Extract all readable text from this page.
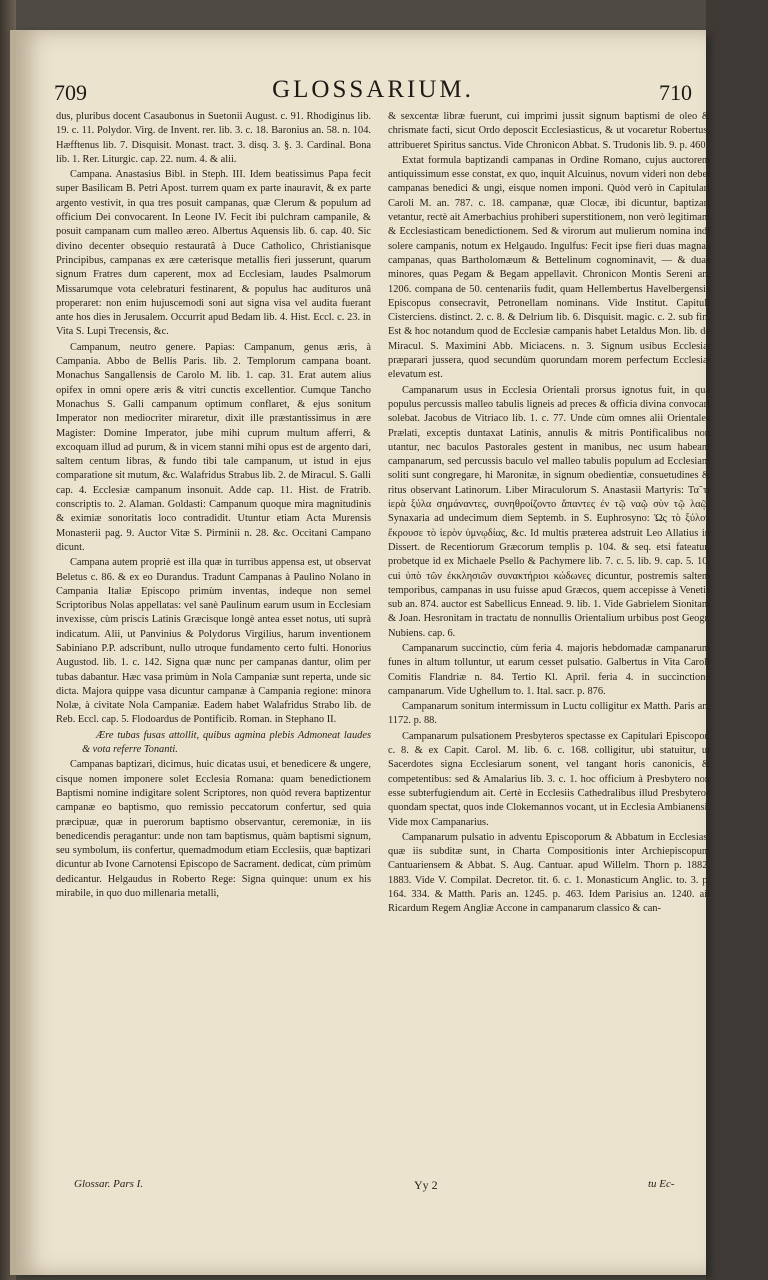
709	GLOSSARIUM.	710

dus, pluribus docent Casaubonus in Suetonii August. c. 91. Rhodiginus lib. 19. c. 11. Polydor. Virg. de Invent. rer. lib. 3. c. 18. Baronius an. 58. n. 104. Hæfftenus lib. 7. Disquisit. Monast. tract. 3. disq. 3. §. 3. Cardinal. Bona lib. 1. Rer. Liturgic. cap. 22. num. 4. & alii.

Campana. Anastasius Bibl. in Steph. III. Idem beatissimus Papa fecit super Basilicam B. Petri Apost. turrem quam ex parte inauravit, & ex parte argento vestivit, in qua tres posuit campanas, quæ Clerum & populum ad officium Dei convocarent. In Leone IV. Fecit ibi pulchram campanile, & posuit campanam cum malleo æreo. Albertus Aquensis lib. 6. cap. 40. Sic divino decenter obsequio restauratâ à Duce Catholico, Christianisque Principibus, campanas ex ære cæterisque metallis fieri jusserunt, quarum signum Fratres dum caperent, mox ad Ecclesiam, laudes Psalmorum Missarumque vota celebraturi festinarent, & populus hac audituros unâ properaret: non enim hujuscemodi soni aut signa visa vel audita fuerant ante hos dies in Jerusalem. Occurrit apud Bedam lib. 4. Hist. Eccl. c. 23. in Vita S. Lupi Trecensis, &c.

Campanum, neutro genere. Papias: Campanum, genus æris, à Campania. Abbo de Bellis Paris. lib. 2. Templorum campana boant. Monachus Sangallensis de Carolo M. lib. 1. cap. 31. Erat autem alius opifex in omni opere æris & vitri cunctis excellentior. Cumque Tancho Monachus S. Galli campanum optimum conflaret, & ejus sonitum Imperator non mediocriter miraretur, dixit ille præstantissimus in ære Magister: Domine Imperator, jube mihi cuprum multum afferri, & excoquam illud ad purum, & in vicem stanni mihi opus est de argento dari, saltem centum libras, & fundo tibi tale campanum, ut istud in ejus comparatione sit mutum, &c. Walafridus Strabus lib. 2. de Miracul. S. Galli cap. 4. Ecclesiæ campanum insonuit. Adde cap. 11. Hist. de Fratrib. conscriptis to. 2. Alaman. Goldasti: Campanum quoque mira magnitudinis & eximiæ sonoritatis loco contradidit. Utuntur etiam Acta Murensis Monasterii pag. 9. Auctor Vitæ S. Pirminii n. 28. &c. Occitani Campano dicunt.

Campana autem propriè est illa quæ in turribus appensa est, ut observat Beletus c. 86. & ex eo Durandus. Tradunt Campanas à Paulino Nolano in Campania Italiæ Episcopo primùm inventas, indeque non semel Scriptoribus Nolas appellatas: vel sanè Paulinum earum usum in Ecclesiam invexisse, cùm priscis Latinis Græcisque longè antea esset notus, uti suprà indicatum. Alii, ut Panvinius & Polydorus Virgilius, harum inventionem Sabiniano P.P. adscribunt, nullo utroque fundamento certo fulti. Honorius Augustod. lib. 1. c. 142. Signa quæ nunc per campanas dantur, olim per tubas dabantur. Hæc vasa primùm in Nola Campaniæ sunt reperta, unde sic dicta. Majora quippe vasa dicuntur campanæ à Campania regione: minora Nolæ, à civitate Nola Campaniæ. Eadem habet Walafridus Strabo lib. de Reb. Eccl. cap. 5. Flodoardus de Pontificib. Roman. in Stephano II.

Ære tubas fusas attollit, quibus agmina plebis Admoneat laudes & vota referre Tonanti.

Campanas baptizari, dicimus, huic dicatas usui, et benedicere & ungere, cisque nomen imponere solet Ecclesia Romana: quam benedictionem Baptismi nomine indigitare solent Scriptores, non quòd revera baptizentur campanæ eo baptismo, quo remissio peccatorum confertur, sed quia præcipuæ, quæ in puerorum baptismo observantur, ceremoniæ, in iis benedicendis peragantur: unde non tam baptismus, quàm baptismi signum, seu symbolum, iis confertur, quemadmodum etiam Ecclesiis, quæ baptizari dicuntur ab Ivone Carnotensi Episcopo de Sacrament. dedicat, cùm primùm dedicantur. Helgaudus in Roberto Rege: Signa quinque: unum ex his mirabile, in quo duo millenaria metalli,

& sexcentæ libræ fuerunt, cui imprimi jussit signum baptismi de oleo & chrismate facti, sicut Ordo deposcit Ecclesiasticus, & ut vocaretur Robertus, attribueret Spiritus sanctus. Vide Chronicon Abbat. S. Trudonis lib. 9. p. 460.

Extat formula baptizandi campanas in Ordine Romano, cujus auctorem antiquissimum esse constat, ex quo, inquit Alcuinus, novum videri non debet campanas benedici & ungi, eisque nomen imponi. Quòd verò in Capitulari Caroli M. an. 787. c. 18. campanæ, quæ Clocæ, ibi dicuntur, baptizari vetantur, rectè ait Amerbachius prohiberi superstitionem, non verò legitimam & Ecclesiasticam benedictionem. Sed & virorum aut mulierum nomina indi solere campanis, notum ex Helgaudo. Ingulfus: Fecit ipse fieri duas magnas campanas, quas Bartholomæum & Bettelinum cognominavit, — & duas minores, quas Pegam & Begam appellavit. Chronicon Montis Sereni an. 1206. compana de 50. centenariis fudit, quam Hellembertus Havelbergensis Episcopus consecravit, Petronellam nominans. Vide Institut. Capituli Cisterciens. distinct. 2. c. 8. & Delrium lib. 6. Disquisit. magic. c. 2. sub fin. Est & hoc notandum quod de Ecclesiæ campanis habet Letaldus Mon. lib. de Miracul. S. Maximini Abb. Miciacens. n. 3. Signum usibus Ecclesiæ præparari jussera, quod secundùm quorundam morem perfectum Ecclesiæ elevatum est.

Campanarum usus in Ecclesia Orientali prorsus ignotus fuit, in qua populus percussis malleo tabulis ligneis ad preces & officia divina convocari solebat. Jacobus de Vitriaco lib. 1. c. 77. Unde cùm omnes alii Orientales Prælati, exceptis duntaxat Latinis, annulis & mitris Pontificalibus non utantur, nec baculos Pastorales gestent in manibus, nec usum habeant campanarum, sed percussis baculo vel malleo tabulis populum ad Ecclesiam soliti sunt congregare, hi Maronitæ, in signum obedientiæ, consuetudines & ritus observant Latinorum. Liber Miraculorum S. Anastasii Martyris: Τα̃ τι ἱερὰ ξύλα σημάναντες, συνηθροίζοντο ἅπαντες ἐν τῷ ναῷ σὺν τῷ λαῷ. Synaxaria ad undecimum diem Septemb. in S. Euphrosyno: Ὡς τὸ ξύλον ἔκρουσε τὸ ἱερὸν ὑμνῳδίας, &c. Id multis præterea adstruit Leo Allatius in Dissert. de Recentiorum Græcorum templis p. 104. & seq. etsi fateatur, probetque id ex Michaele Psello & Pachymere lib. 7. c. 5. lib. 9. cap. 5. 10. cui ὑπὸ τῶν ἐκκλησιῶν συνακτήριοι κώδωνες dicuntur, postremis saltem temporibus, campanas in usu fuisse apud Græcos, quem accepisse à Venetis sub an. 874. auctor est Sabellicus Ennead. 9. lib. 1. Vide Gabrielem Sionitam & Joan. Hesronitam in tractatu de nonnullis Orientalium urbibus post Geogr. Nubiens. cap. 6.

Campanarum succinctio, cùm feria 4. majoris hebdomadæ campanarum funes in altum tolluntur, ut earum cesset pulsatio. Galbertus in Vita Caroli Comitis Flandriæ n. 84. Tertio Kl. April. feria 4. in succinctione campanarum. Vide Ughellum to. 1. Ital. sacr. p. 876.

Campanarum sonitum intermissum in Luctu colligitur ex Matth. Paris an. 1172. p. 88.

Campanarum pulsationem Presbyteros spectasse ex Capitulari Episcopor. c. 8. & ex Capit. Carol. M. lib. 6. c. 168. colligitur, ubi statuitur, ut Sacerdotes signa Ecclesiarum sonent, vel tangant horis canonicis, & competentibus: sed & Amalarius lib. 3. c. 1. hoc officium à Presbytero non esse subterfugiendum ait. Certè in Ecclesiis Cathedralibus illud Presbyteros quondam spectat, quos inde Clokemannos vocant, ut in Ecclesia Ambianensi. Vide mox Campanarius.

Campanarum pulsatio in adventu Episcoporum & Abbatum in Ecclesias, quæ iis subditæ sunt, in Charta Compositionis inter Archiepiscopum Cantuariensem & Abbat. S. Aug. Cantuar. apud Willelm. Thorn p. 1882. 1883. Vide V. Compilat. Decretor. tit. 6. c. 1. Monasticum Anglic. to. 3. p. 164. 334. & Matth. Paris an. 1245. p. 463. Idem Parisius an. 1240. ait Ricardum Regem Angliæ Accone in campanarum classico & can-

Glossar. Pars I.	Yy 2	tu Ec-
